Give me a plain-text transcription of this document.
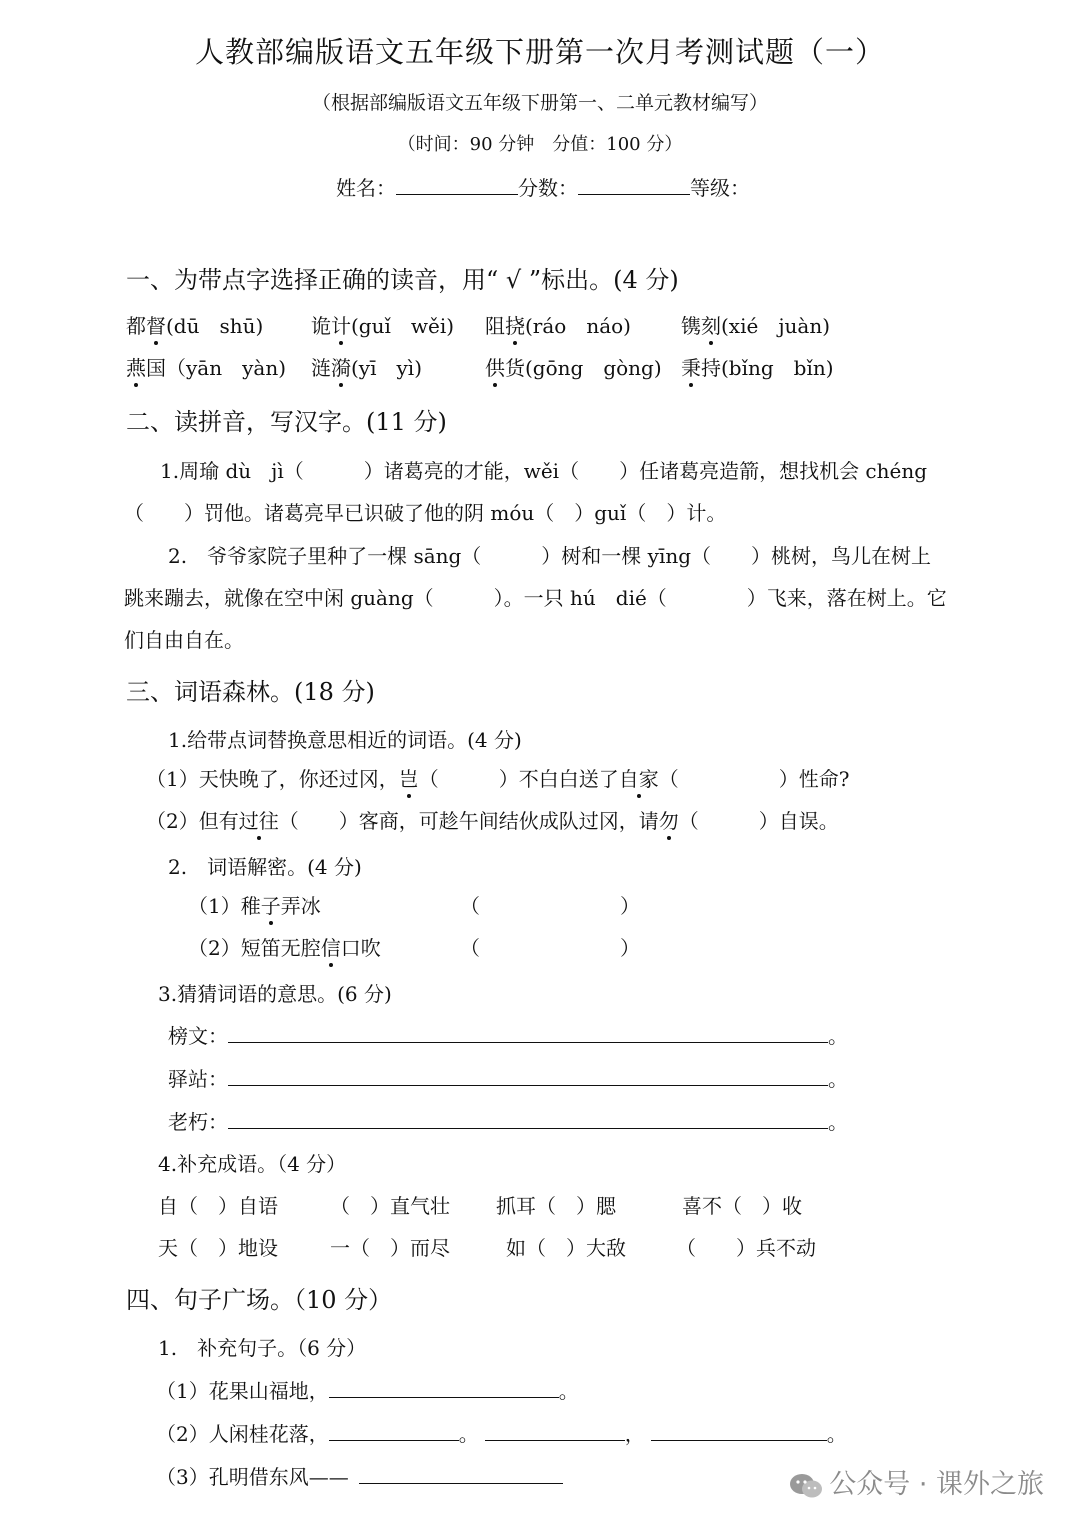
人教部编版语文五年级下册第一次月考测试题（一）
（根据部编版语文五年级下册第一、二单元教材编写）
（时间：90 分钟　分值：100 分）
姓名：	分数：	等级：
一、为带点字选择正确的读音，用“ √ ”标出。(4 分)
都督(dū　shū) 诡计(guǐ　wěi) 阻挠(ráo　náo)	镌刻(xié　juàn)
燕国（yān　yàn) 涟漪(yī　yì)	供货(gōng　gòng) 秉持(bǐng　bǐn)
二、读拼音，写汉字。(11 分)
1.周瑜 dù　jì（　　　）诸葛亮的才能，wěi（　　）任诸葛亮造箭，想找机会 chéng
（　　）罚他。诸葛亮早已识破了他的阴 móu（　）guǐ（　）计。
2.　爷爷家院子里种了一棵 sāng（　　　）树和一棵 yīng（　　）桃树，鸟儿在树上
跳来蹦去，就像在空中闲 guàng（　　　）。一只 hú　dié（　　　　）飞来，落在树上。它
们自由自在。
三、词语森林。(18 分)
1.给带点词替换意思相近的词语。(4 分)
（1）天快晚了，你还过冈，岂（　　　）不白白送了自家（　　　　　）性命?
（2）但有过往（　　）客商，可趁午间结伙成队过冈，请勿（　　　）自误。
2.　词语解密。(4 分)
（1）稚子弄冰	（　　　　　　　）
（2）短笛无腔信口吹	（　　　　　　　）
3.猜猜词语的意思。(6 分)
榜文：	。
驿站：	。
老朽：	。
4.补充成语。（4 分）
自（　）自语	（　）直气壮 抓耳（　）腮	喜不（　）收
天（　）地设	一（　）而尽	如（　）大敌	（　　）兵不动
四、句子广场。（10 分）
1.　补充句子。（6 分）
（1）花果山福地，	。
（2）人闲桂花落，	。	，	。
（3）孔明借东风——	公众号 · 课外之旅
